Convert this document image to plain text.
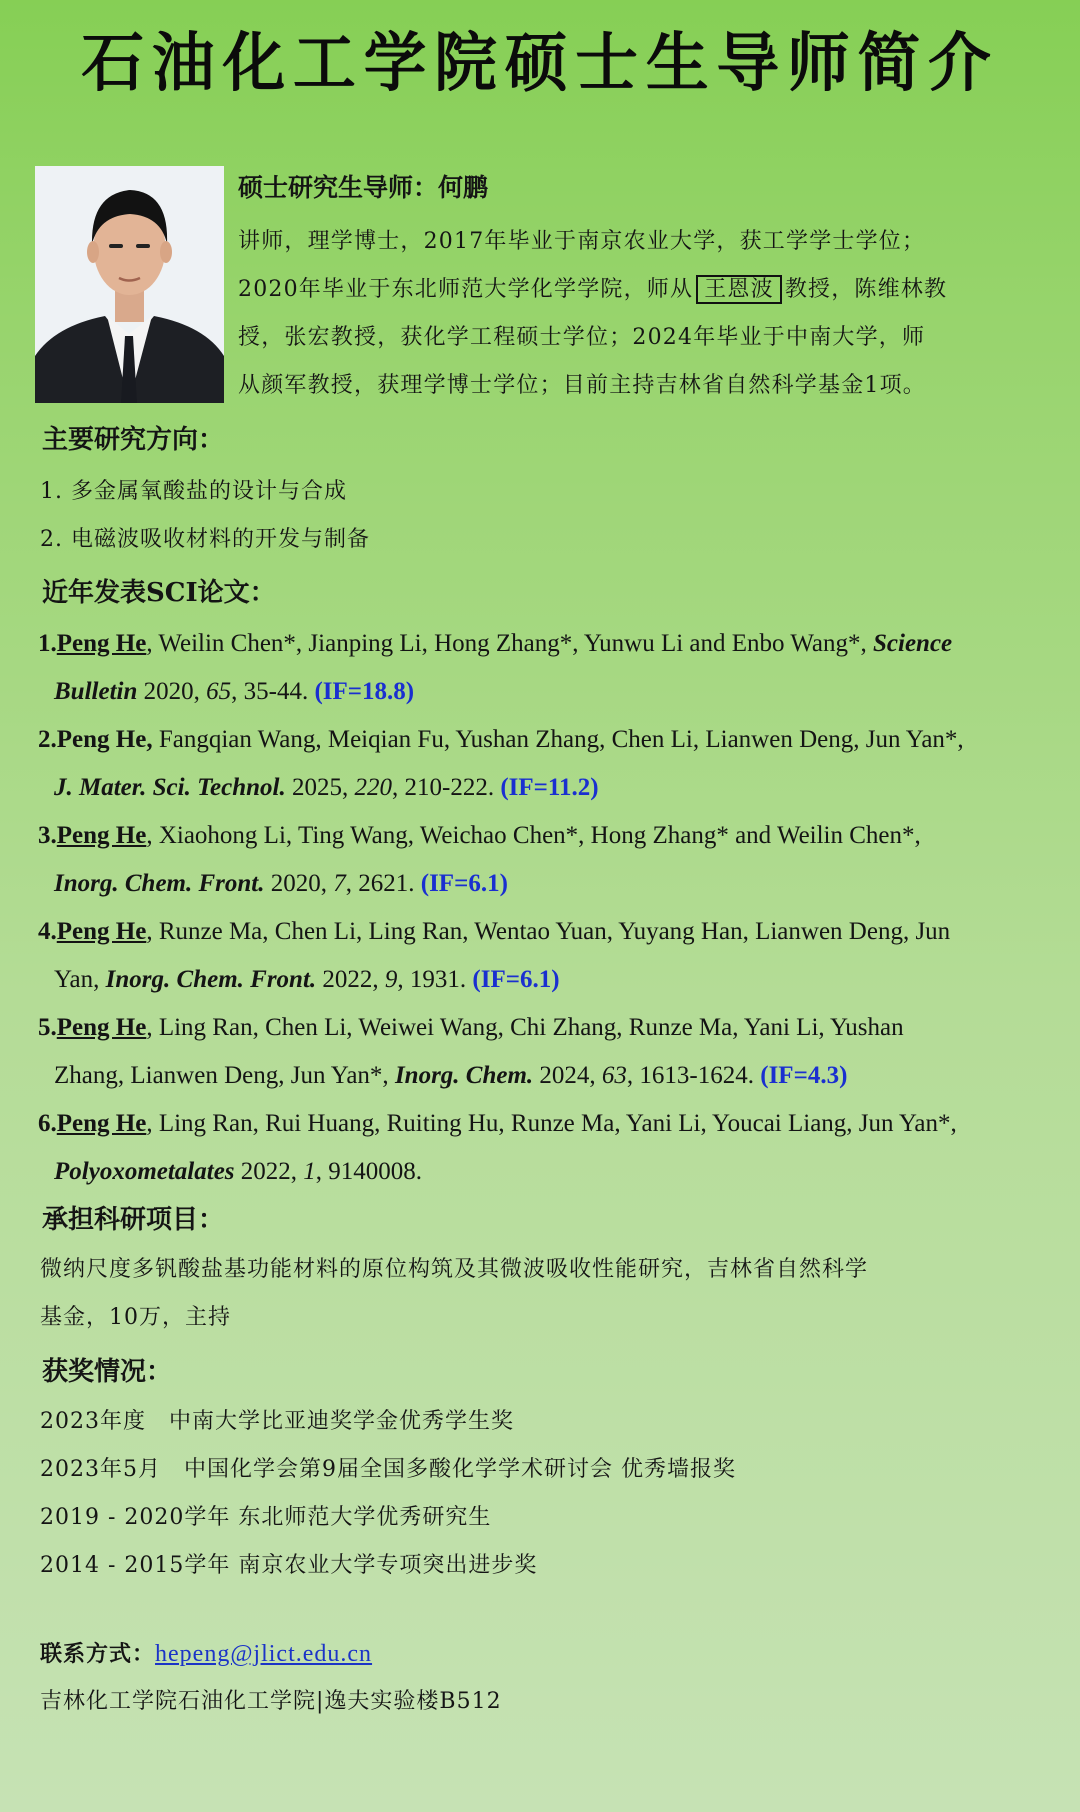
石油化工学院硕士生导师简介
硕士研究生导师：何鹏
讲师，理学博士，2017年毕业于南京农业大学，获工学学士学位；
2020年毕业于东北师范大学化学学院，师从 王恩波 教授，陈维林教
授，张宏教授，获化学工程硕士学位；2024年毕业于中南大学，师
从颜军教授，获理学博士学位；目前主持吉林省自然科学基金1项。
主要研究方向：
1. 多金属氧酸盐的设计与合成
2. 电磁波吸收材料的开发与制备
近年发表SCI论文：
1.Peng He, Weilin Chen*, Jianping Li, Hong Zhang*, Yunwu Li and Enbo Wang*, Science
Bulletin 2020, 65, 35-44. (IF=18.8)
2.Peng He, Fangqian Wang, Meiqian Fu, Yushan Zhang, Chen Li, Lianwen Deng, Jun Yan*,
J. Mater. Sci. Technol. 2025, 220, 210-222. (IF=11.2)
3.Peng He, Xiaohong Li, Ting Wang, Weichao Chen*, Hong Zhang* and Weilin Chen*,
Inorg. Chem. Front. 2020, 7, 2621. (IF=6.1)
4.Peng He, Runze Ma, Chen Li, Ling Ran, Wentao Yuan, Yuyang Han, Lianwen Deng, Jun
Yan, Inorg. Chem. Front. 2022, 9, 1931. (IF=6.1)
5.Peng He, Ling Ran, Chen Li, Weiwei Wang, Chi Zhang, Runze Ma, Yani Li, Yushan
Zhang, Lianwen Deng, Jun Yan*, Inorg. Chem. 2024, 63, 1613-1624. (IF=4.3)
6.Peng He, Ling Ran, Rui Huang, Ruiting Hu, Runze Ma, Yani Li, Youcai Liang, Jun Yan*,
Polyoxometalates 2022, 1, 9140008.
承担科研项目：
微纳尺度多钒酸盐基功能材料的原位构筑及其微波吸收性能研究，吉林省自然科学
基金，10万，主持
获奖情况：
2023年度　中南大学比亚迪奖学金优秀学生奖
2023年5月　中国化学会第9届全国多酸化学学术研讨会 优秀墙报奖
2019 - 2020学年 东北师范大学优秀研究生
2014 - 2015学年 南京农业大学专项突出进步奖
联系方式：hepeng@jlict.edu.cn
吉林化工学院石油化工学院|逸夫实验楼B512
